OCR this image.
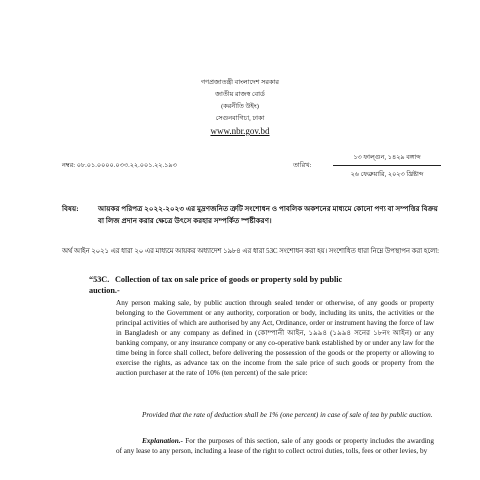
গণপ্রজাতন্ত্রী বাংলাদেশ সরকার
জাতীয় রাজস্ব বোর্ড
(করনীতি উইং)
সেগুনবাগিচা, ঢাকা
www.nbr.gov.bd
নম্বর: ০৮.০১.০০০০.০৩৩.২২.০০১.২২.১৯৩	তারিখ:
১৩ ফাল্গুন, ১৪২৯ বঙ্গাব্দ
২৬ ফেব্রুয়ারি, ২০২৩ খ্রিষ্টাব্দ
বিষয়:	আয়কর পরিপত্র ২০২২-২০২৩ এর মুদ্রণজনিত ত্রুটি সংশোধন ও পাবলিক অকশনের মাধ্যমে কোনো পণ্য বা সম্পত্তির বিক্রয় বা লিজ প্রদান করার ক্ষেত্রে উৎসে করহার সম্পর্কিত স্পষ্টীকরণ।
অর্থ আইন ২০২১ এর ধারা ২০ এর মাধ্যমে আয়কর অধ্যাদেশ ১৯৮৪ এর ধারা 53C সংশোধন করা হয়। সংশোধিত ধারা নিম্নে উপস্থাপন করা হলো:
“53C. Collection of tax on sale price of goods or property sold by public
auction.-
Any person making sale, by public auction through sealed tender or otherwise, of any goods or property belonging to the Government or any authority, corporation or body, including its units, the activities or the principal activities of which are authorised by any Act, Ordinance, order or instrument having the force of law in Bangladesh or any company as defined in (কোম্পানী আইন, ১৯৯৪ (১৯৯৪ সনের ১৮নং আইন) or any banking company, or any insurance company or any co-operative bank established by or under any law for the time being in force shall collect, before delivering the possession of the goods or the property or allowing to exercise the rights, as advance tax on the income from the sale price of such goods or property from the auction purchaser at the rate of 10% (ten percent) of the sale price:
Provided that the rate of deduction shall be 1% (one percent) in case of sale of tea by public auction.
Explanation.- For the purposes of this section, sale of any goods or property includes the awarding of any lease to any person, including a lease of the right to collect octroi duties, tolls, fees or other levies, by
